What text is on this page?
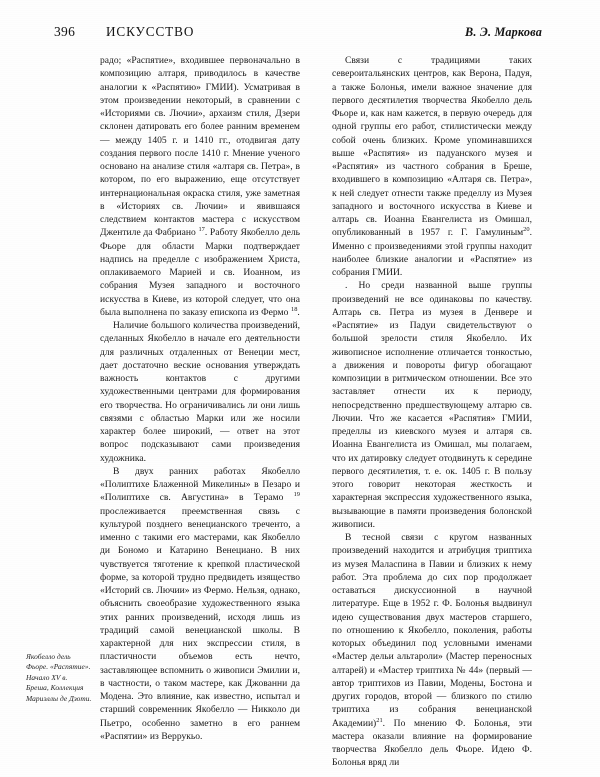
396	ИСКУССТВО	В. Э. Маркова

радо; «Распятие», входившее первоначально в композицию алтаря, приводилось в качестве аналогии к «Распятию» ГМИИ). Усматривая в этом произведении некоторый, в сравнении с «Историями св. Лючии», архаизм стиля, Дзери склонен датировать его более ранним временем — между 1405 г. и 1410 гг., отодвигая дату создания первого после 1410 г. Мнение ученого основано на анализе стиля «алтаря св. Петра», в котором, по его выражению, еще отсутствует интернациональная окраска стиля, уже заметная в «Историях св. Лючии» и явившаяся следствием контактов мастера с искусством Джентиле да Фабриано $^{17}$. Работу Якобелло дель Фьоре для области Марки подтверждает надпись на пределле с изображением Христа, оплакиваемого Марией и св. Иоанном, из собрания Музея западного и восточного искусства в Киеве, из которой следует, что она была выполнена по заказу епископа из Фермо $^{18}$.

Наличие большого количества произведений, сделанных Якобелло в начале его деятельности для различных отдаленных от Венеции мест, дает достаточно веские основания утверждать важность контактов с другими художественными центрами для формирования его творчества. Но ограничивались ли они лишь связями с областью Марки или же носили характер более широкий, — ответ на этот вопрос подсказывают сами произведения художника.

В двух ранних работах Якобелло «Полиптихе Блаженной Микелины» в Пезаро и «Полиптихе св. Августина» в Терамо $^{19}$ прослеживается преемственная связь с культурой позднего венецианского треченто, а именно с такими его мастерами, как Якобелло ди Бономо и Катарино Венециано. В них чувствуется тяготение к крепкой пластической форме, за которой трудно предвидеть изящество «Историй св. Лючии» из Фермо. Нельзя, однако, объяснить своеобразие художественного языка этих ранних произведений, исходя лишь из традиций самой венецианской школы. В характерной для них экспрессии стиля, в пластичности объемов есть нечто, заставляющее вспомнить о живописи Эмилии и, в частности, о таком мастере, как Джованни да Модена. Это влияние, как известно, испытал и старший современник Якобелло — Никколо ди Пьетро, особенно заметно в его раннем «Распятии» из Веррукьо.

Связи с традициями таких североитальянских центров, как Верона, Падуя, а также Болонья, имели важное значение для первого десятилетия творчества Якобелло дель Фьоре и, как нам кажется, в первую очередь для одной группы его работ, стилистически между собой очень близких. Кроме упоминавшихся выше «Распятия» из падуанского музея и «Распятия» из частного собрания в Бреше, входившего в композицию «Алтаря св. Петра», к ней следует отнести также пределлу из Музея западного и восточного искусства в Киеве и алтарь св. Иоанна Евангелиста из Омишал, опубликованный в 1957 г. Г. Гамулиным$^{20}$. Именно с произведениями этой группы находит наиболее близкие аналогии и «Распятие» из собрания ГМИИ.

. Но среди названной выше группы произведений не все одинаковы по качеству. Алтарь св. Петра из музея в Денвере и «Распятие» из Падуи свидетельствуют о большой зрелости стиля Якобелло. Их живописное исполнение отличается тонкостью, а движения и повороты фигур обогащают композиции в ритмическом отношении. Все это заставляет отнести их к периоду, непосредственно предшествующему алтарю св. Лючии. Что же касается «Распятия» ГМИИ, пределлы из киевского музея и алтаря св. Иоанна Евангелиста из Омишал, мы полагаем, что их датировку следует отодвинуть к середине первого десятилетия, т. е. ок. 1405 г. В пользу этого говорит некоторая жесткость и характерная экспрессия художественного языка, вызывающие в памяти произведения болонской живописи.

В тесной связи с кругом названных произведений находится и атрибуция триптиха из музея Маласпина в Павии и близких к нему работ. Эта проблема до сих пор продолжает оставаться дискуссионной в научной литературе. Еще в 1952 г. Ф. Болонья выдвинул идею существования двух мастеров старшего, по отношению к Якобелло, поколения, работы которых объединил под условными именами «Мастер дельи альтароли» (Мастер переносных алтарей) и «Мастер триптиха № 44» (первый — автор триптихов из Павии, Модены, Бостона и других городов, второй — близкого по стилю триптиха из собрания венецианской Академии)$^{21}$. По мнению Ф. Болонья, эти мастера оказали влияние на формирование творчества Якобелло дель Фьоре. Идею Ф. Болонья вряд ли

Якобелло дель Фьоре. «Распятие». Начало XV в. Бреша, Коллекция Мариэллы де Дзоти.
